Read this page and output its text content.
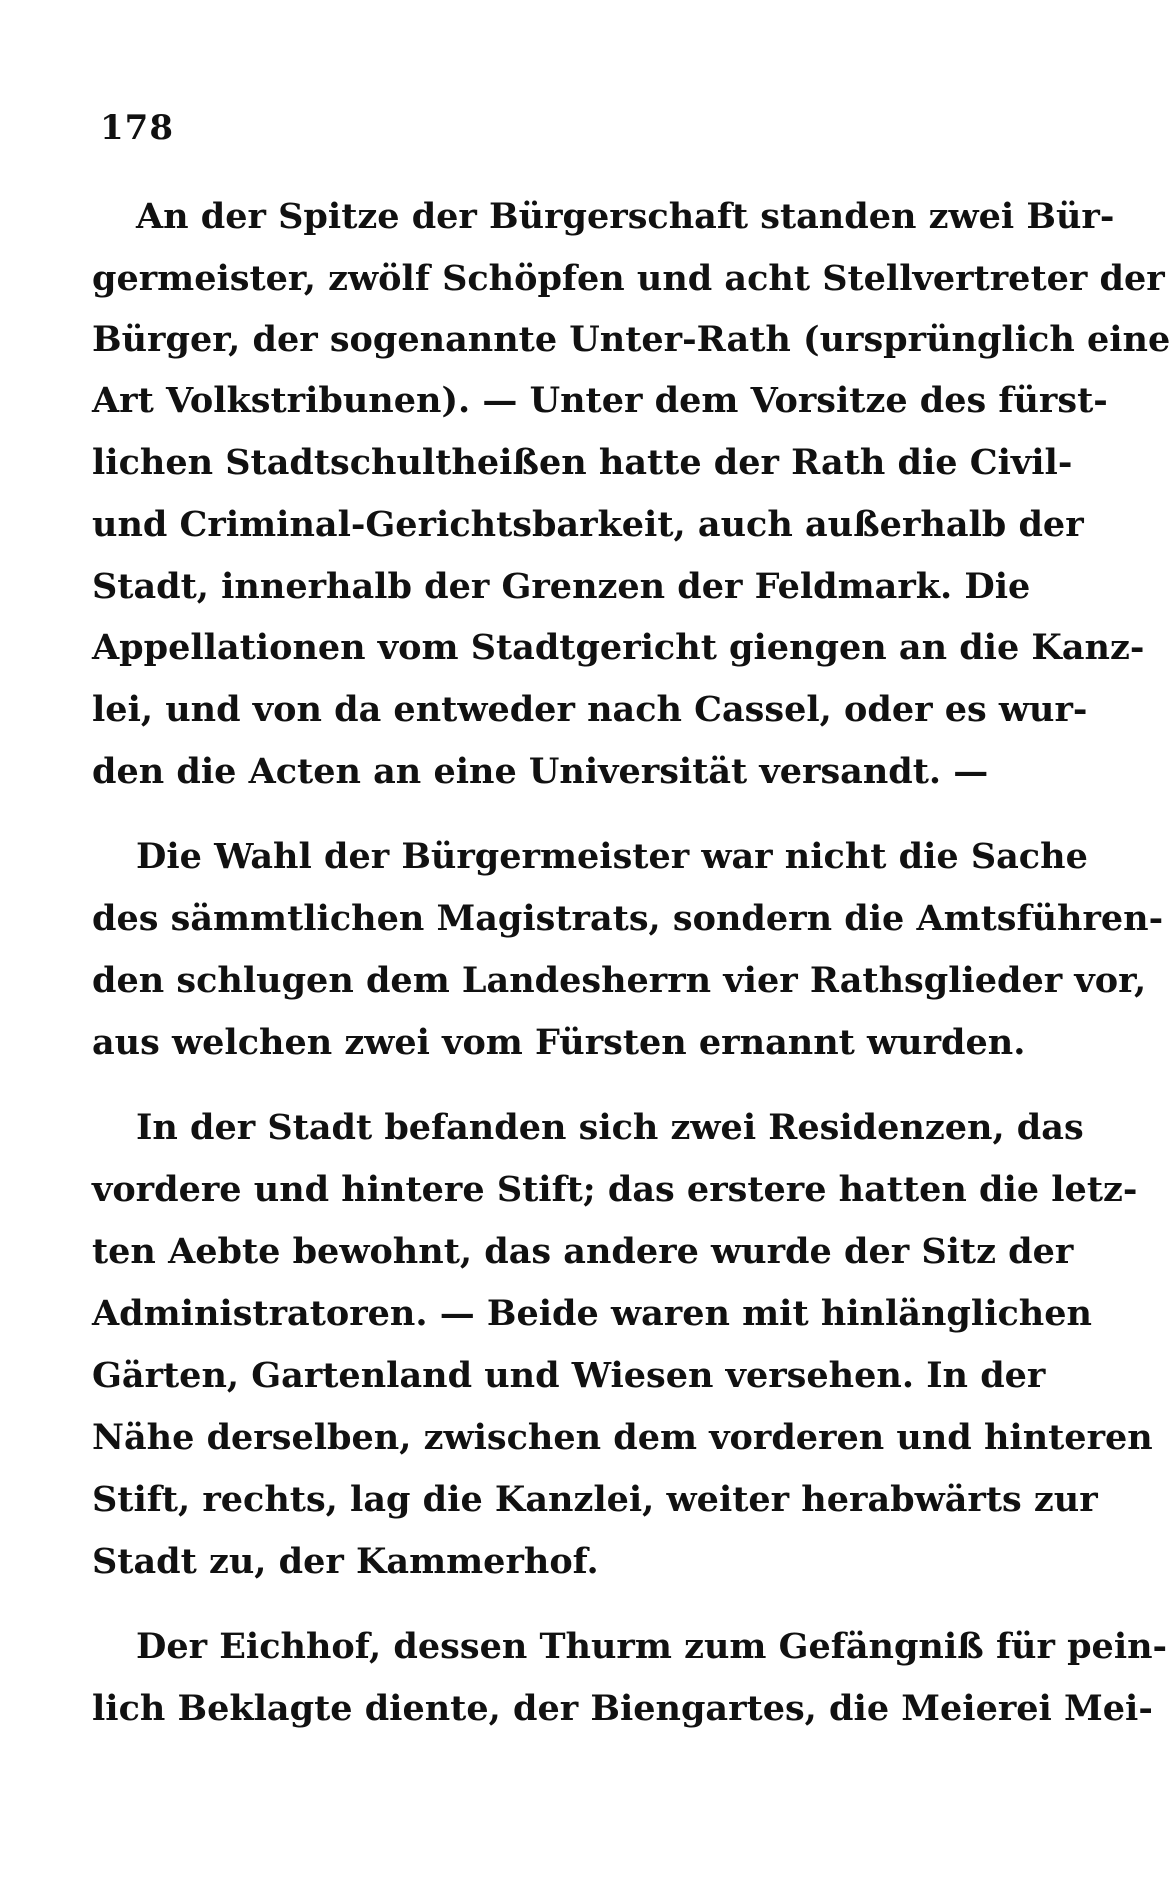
178
An der Spitze der Bürgerschaft standen zwei Bür-
germeister, zwölf Schöpfen und acht Stellvertreter der
Bürger, der sogenannte Unter-Rath (ursprünglich eine
Art Volkstribunen). — Unter dem Vorsitze des fürst-
lichen Stadtschultheißen hatte der Rath die Civil-
und Criminal-Gerichtsbarkeit, auch außerhalb der
Stadt, innerhalb der Grenzen der Feldmark. Die
Appellationen vom Stadtgericht giengen an die Kanz-
lei, und von da entweder nach Cassel, oder es wur-
den die Acten an eine Universität versandt. —
Die Wahl der Bürgermeister war nicht die Sache
des sämmtlichen Magistrats, sondern die Amtsführen-
den schlugen dem Landesherrn vier Rathsglieder vor,
aus welchen zwei vom Fürsten ernannt wurden.
In der Stadt befanden sich zwei Residenzen, das
vordere und hintere Stift; das erstere hatten die letz-
ten Aebte bewohnt, das andere wurde der Sitz der
Administratoren. — Beide waren mit hinlänglichen
Gärten, Gartenland und Wiesen versehen. In der
Nähe derselben, zwischen dem vorderen und hinteren
Stift, rechts, lag die Kanzlei, weiter herabwärts zur
Stadt zu, der Kammerhof.
Der Eichhof, dessen Thurm zum Gefängniß für pein-
lich Beklagte diente, der Biengartes, die Meierei Mei-
